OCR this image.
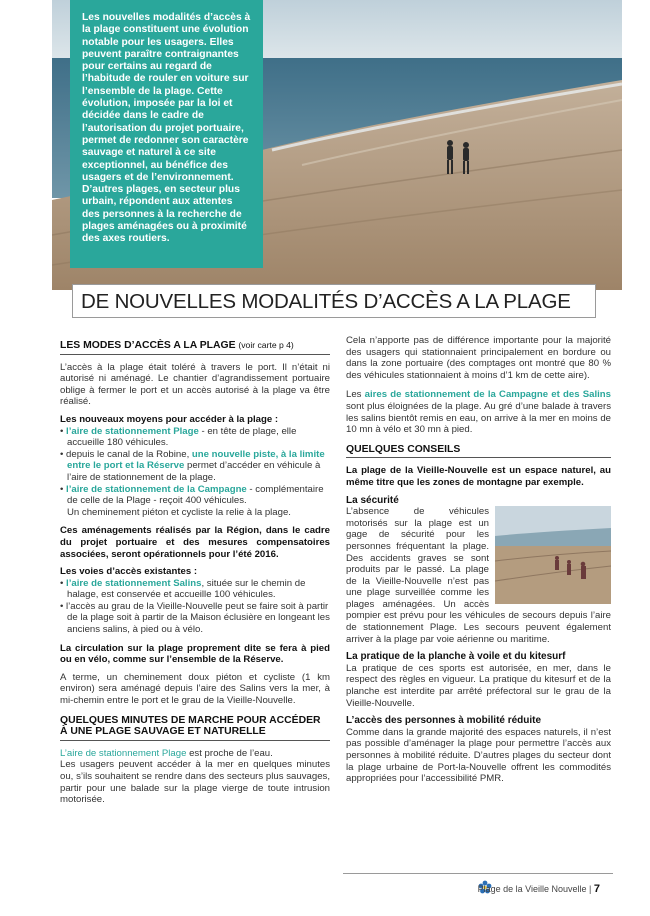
Les nouvelles modalités d’accès à la plage constituent une évolution notable pour les usagers. Elles peuvent paraître contraignantes pour certains au regard de l’habitude de rouler en voiture sur l’ensemble de la plage. Cette évolution, imposée par la loi et décidée dans le cadre de l’autorisation du projet portuaire, permet de redonner son caractère sauvage et naturel à ce site exceptionnel, au bénéfice des usagers et de l’environnement. D’autres plages, en secteur plus urbain, répondent aux attentes des personnes à la recherche de plages aménagées ou à proximité des axes routiers.
DE NOUVELLES MODALITÉS D’ACCÈS A LA PLAGE
LES MODES D’ACCÈS A LA PLAGE (voir carte p 4)

L’accès à la plage était toléré à travers le port. Il n’était ni autorisé ni aménagé. Le chantier d’agrandissement portuaire oblige à fermer le port et un accès autorisé à la plage va être réalisé.

Les nouveaux moyens pour accéder à la plage :
• l’aire de stationnement Plage - en tête de plage, elle accueille 180 véhicules.
• depuis le canal de la Robine, une nouvelle piste, à la limite entre le port et la Réserve permet d’accéder en véhicule à l’aire de stationnement de la plage.
• l’aire de stationnement de la Campagne - complémentaire de celle de la Plage - reçoit 400 véhicules.
Un cheminement piéton et cycliste la relie à la plage.

Ces aménagements réalisés par la Région, dans le cadre du projet portuaire et des mesures compensatoires associées, seront opérationnels pour l’été 2016.

Les voies d’accès existantes :
• l’aire de stationnement Salins, située sur le chemin de halage, est conservée et accueille 100 véhicules.
• l’accès au grau de la Vieille-Nouvelle peut se faire soit à partir de la plage soit à partir de la Maison éclusière en longeant les anciens salins, à pied ou à vélo.

La circulation sur la plage proprement dite se fera à pied ou en vélo, comme sur l’ensemble de la Réserve.

A terme, un cheminement doux piéton et cycliste (1 km environ) sera aménagé depuis l’aire des Salins vers la mer, à mi-chemin entre le port et le grau de la Vieille-Nouvelle.

QUELQUES MINUTES DE MARCHE POUR ACCÉDER À UNE PLAGE SAUVAGE ET NATURELLE

L’aire de stationnement Plage est proche de l’eau.

Les usagers peuvent accéder à la mer en quelques minutes ou, s’ils souhaitent se rendre dans des secteurs plus sauvages, partir pour une balade sur la plage vierge de toute intrusion motorisée.

Cela n’apporte pas de différence importante pour la majorité des usagers qui stationnaient principalement en bordure ou dans la zone portuaire (des comptages ont montré que 80 % des véhicules stationnaient à moins d’1 km de cette aire).

Les aires de stationnement de la Campagne et des Salins sont plus éloignées de la plage. Au gré d’une balade à travers les salins bientôt remis en eau, on arrive à la mer en moins de 10 mn à vélo et 30 mn à pied.

QUELQUES CONSEILS

La plage de la Vieille-Nouvelle est un espace naturel, au même titre que les zones de montagne par exemple.

La sécurité

L’absence de véhicules motorisés sur la plage est un gage de sécurité pour les personnes fréquentant la plage. Des accidents graves se sont produits par le passé. La plage de la Vieille-Nouvelle n’est pas une plage surveillée comme les plages aménagées. Un accès pompier est prévu pour les véhicules de secours depuis l’aire de stationnement Plage. Les secours peuvent également arriver à la plage par voie aérienne ou maritime.

La pratique de la planche à voile et du kitesurf

La pratique de ces sports est autorisée, en mer, dans le respect des règles en vigueur. La pratique du kitesurf et de la planche est interdite par arrêté préfectoral sur le grau de la Vieille-Nouvelle.

L’accès des personnes à mobilité réduite

Comme dans la grande majorité des espaces naturels, il n’est pas possible d’aménager la plage pour permettre l’accès aux personnes à mobilité réduite. D’autres plages du secteur dont la plage urbaine de Port-la-Nouvelle offrent les commodités appropriées pour l’accessibilité PMR.

Plage de la Vieille Nouvelle | 7
